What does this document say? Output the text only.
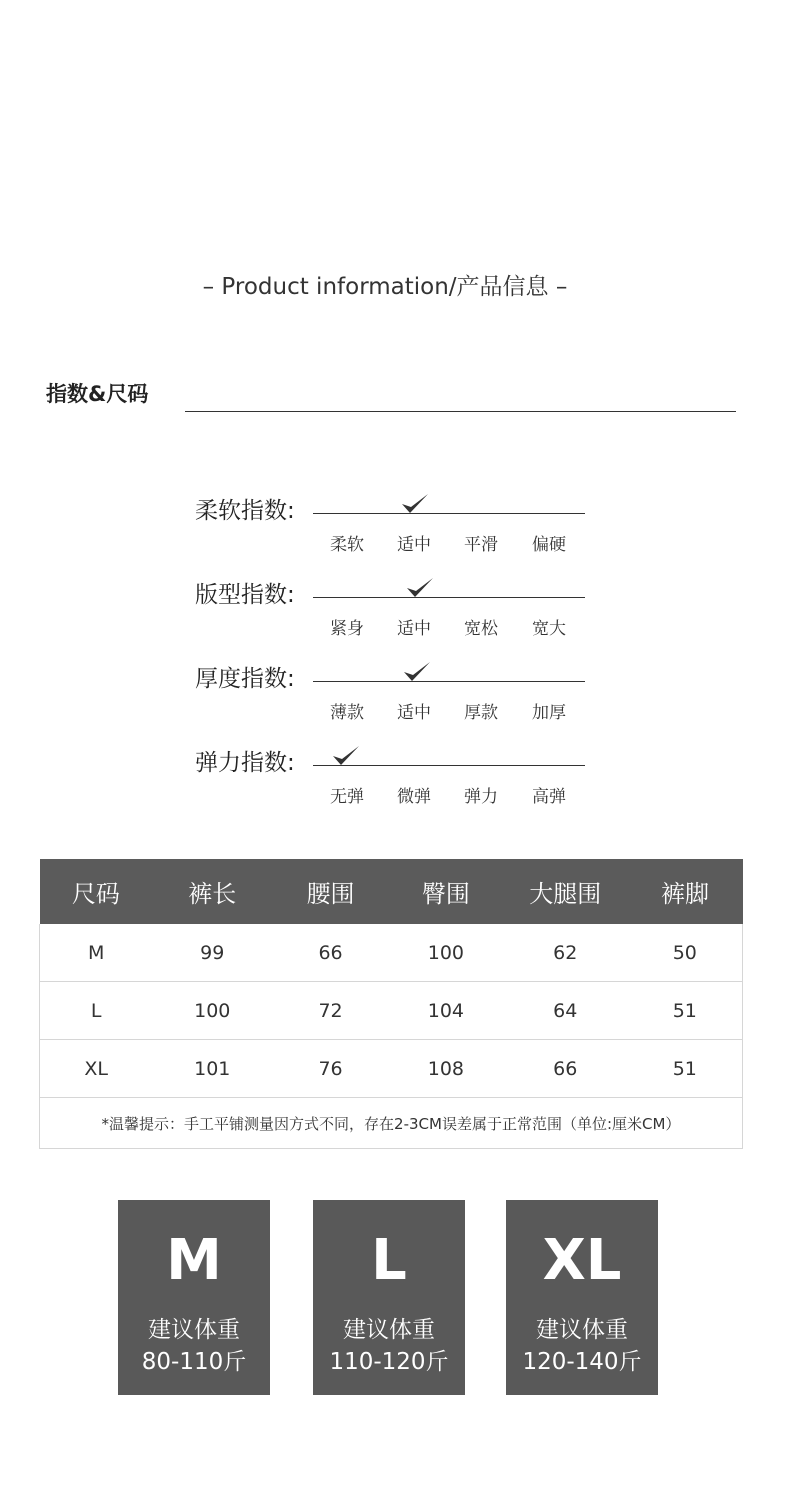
– Product information/产品信息 –
指数&尺码
柔软指数:
柔软 适中 平滑 偏硬
版型指数:
紧身 适中 宽松 宽大
厚度指数:
薄款 适中 厚款 加厚
弹力指数:
无弹 微弹 弹力 高弹
尺码	裤长	腰围	臀围	大腿围	裤脚
M	99	66	100	62	50
L	100	72	104	64	51
XL	101	76	108	66	51
*温馨提示：手工平铺测量因方式不同，存在2-3CM误差属于正常范围（单位:厘米CM）					
M
建议体重
80-110斤
L
建议体重
110-120斤
XL
建议体重
120-140斤
